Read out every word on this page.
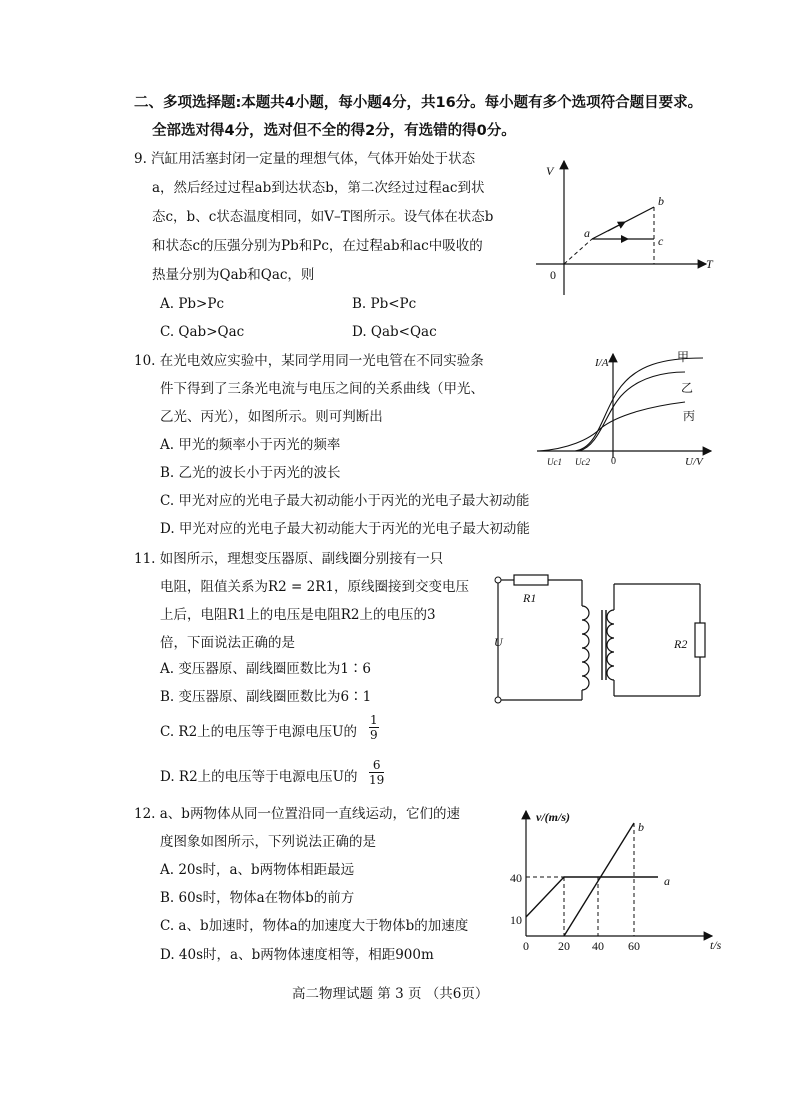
二、多项选择题:本题共4小题，每小题4分，共16分。每小题有多个选项符合题目要求。
全部选对得4分，选对但不全的得2分，有选错的得0分。
9. 汽缸用活塞封闭一定量的理想气体，气体开始处于状态
a，然后经过过程ab到达状态b，第二次经过过程ac到状
态c，b、c状态温度相同，如V–T图所示。设气体在状态b
和状态c的压强分别为Pb和Pc，在过程ab和ac中吸收的
热量分别为Qab和Qac，则
A. Pb>Pc	B. Pb<Pc
C. Qab>Qac	D. Qab<Qac
V
T
0
a
b
c
10. 在光电效应实验中，某同学用同一光电管在不同实验条
件下得到了三条光电流与电压之间的关系曲线（甲光、
乙光、丙光），如图所示。则可判断出
A. 甲光的频率小于丙光的频率
B. 乙光的波长小于丙光的波长
C. 甲光对应的光电子最大初动能小于丙光的光电子最大初动能
D. 甲光对应的光电子最大初动能大于丙光的光电子最大初动能
I/A
U/V
0
Uc1 Uc2
甲
乙
丙
11. 如图所示，理想变压器原、副线圈分别接有一只
电阻，阻值关系为R2 = 2R1，原线圈接到交变电压
上后，电阻R1上的电压是电阻R2上的电压的3
倍，下面说法正确的是
A. 变压器原、副线圈匝数比为1∶6
B. 变压器原、副线圈匝数比为6∶1
C. R2上的电压等于电源电压U的 $\frac{1}{9}$
D. R2上的电压等于电源电压U的 $\frac{6}{19}$
R1
U	R2
12. a、b两物体从同一位置沿同一直线运动，它们的速
度图象如图所示，下列说法正确的是
A. 20s时，a、b两物体相距最远
B. 60s时，物体a在物体b的前方
C. a、b加速时，物体a的加速度大于物体b的加速度
D. 40s时，a、b两物体速度相等，相距900m
v/(m/s)
t/s
0 20 40 60
10
40	a
b
高二物理试题 第 3 页 （共6页）
